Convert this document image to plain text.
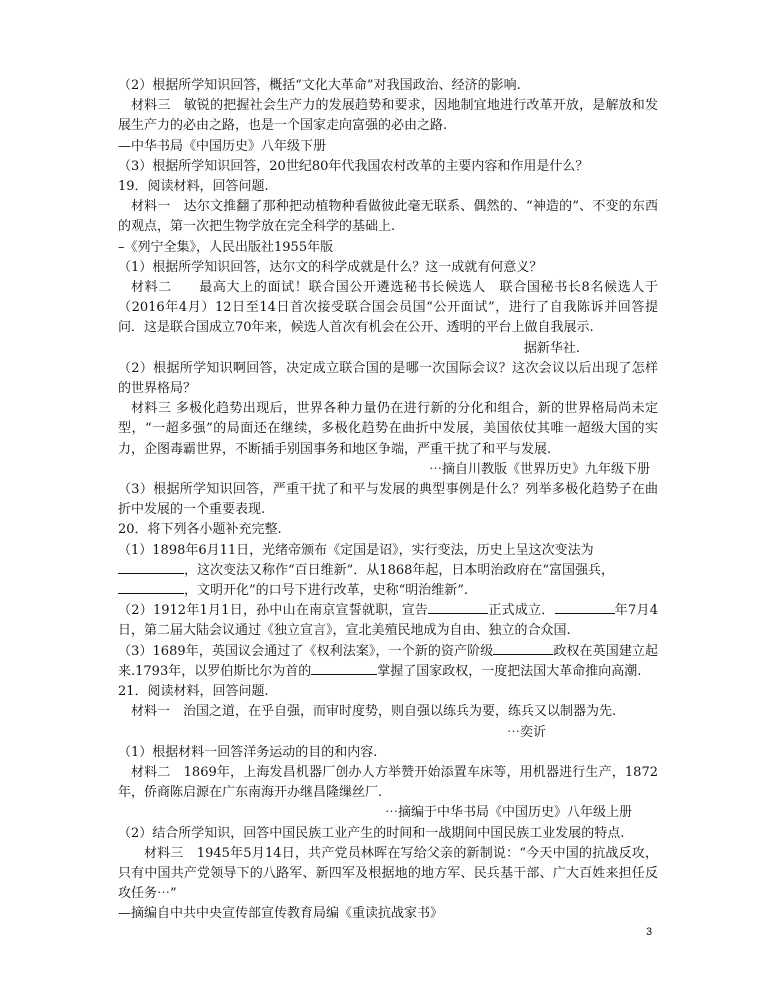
（2）根据所学知识回答，概括“文化大革命”对我国政治、经济的影响.

材料三　敏锐的把握社会生产力的发展趋势和要求，因地制宜地进行改革开放，是解放和发展生产力的必由之路，也是一个国家走向富强的必由之路.

—中华书局《中国历史》八年级下册

（3）根据所学知识回答，20世纪80年代我国农村改革的主要内容和作用是什么？

19．阅读材料，回答问题.

材料一　达尔文推翻了那种把动植物种看做彼此毫无联系、偶然的、“神造的”、不变的东西的观点，第一次把生物学放在完全科学的基础上.

–《列宁全集》，人民出版社1955年版

（1）根据所学知识回答，达尔文的科学成就是什么？这一成就有何意义？

材料二　　最高大上的面试！联合国公开遴选秘书长候选人　联合国秘书长8名候选人于（2016年4月）12日至14日首次接受联合国会员国“公开面试”，进行了自我陈诉并回答提问．这是联合国成立70年来，候选人首次有机会在公开、透明的平台上做自我展示.

据新华社.

（2）根据所学知识啊回答，决定成立联合国的是哪一次国际会议？这次会议以后出现了怎样的世界格局？

材料三 多极化趋势出现后，世界各种力量仍在进行新的分化和组合，新的世界格局尚未定型，“一超多强”的局面还在继续，多极化趋势在曲折中发展，美国依仗其唯一超级大国的实力，企图毒霸世界，不断插手别国事务和地区争端，严重干扰了和平与发展.

⋯摘自川教版《世界历史》九年级下册

（3）根据所学知识回答，严重干扰了和平与发展的典型事例是什么？列举多极化趋势子在曲折中发展的一个重要表现.

20．将下列各小题补充完整.

（1）1898年6月11日，光绪帝颁布《定国是诏》，实行变法，历史上呈这次变法为
，这次变法又称作“百日维新”．从1868年起，日本明治政府在“富国强兵，
，文明开化”的口号下进行改革，史称“明治维新”.

（2）1912年1月1日，孙中山在南京宣誓就职，宣告	正式成立．	年7月4日，第二届大陆会议通过《独立宣言》，宣北美殖民地成为自由、独立的合众国.

（3）1689年，英国议会通过了《权利法案》，一个新的资产阶级	政权在英国建立起来.1793年，以罗伯斯比尔为首的	掌握了国家政权，一度把法国大革命推向高潮.

21．阅读材料，回答问题.

材料一　治国之道，在乎自强，而审时度势，则自强以练兵为要，练兵又以制器为先.

⋯奕䜣

（1）根据材料一回答洋务运动的目的和内容.

材料二　1869年，上海发昌机器厂创办人方举赞开始添置车床等，用机器进行生产，1872年，侨商陈启源在广东南海开办继昌隆缫丝厂.

⋯摘编于中华书局《中国历史》八年级上册

（2）结合所学知识，回答中国民族工业产生的时间和一战期间中国民族工业发展的特点.

材料三　1945年5月14日，共产党员林晖在写给父亲的新制说：“今天中国的抗战反攻，只有中国共产党领导下的八路军、新四军及根据地的地方军、民兵基干部、广大百姓来担任反攻任务⋯”

—摘编自中共中央宣传部宣传教育局编《重读抗战家书》

3
